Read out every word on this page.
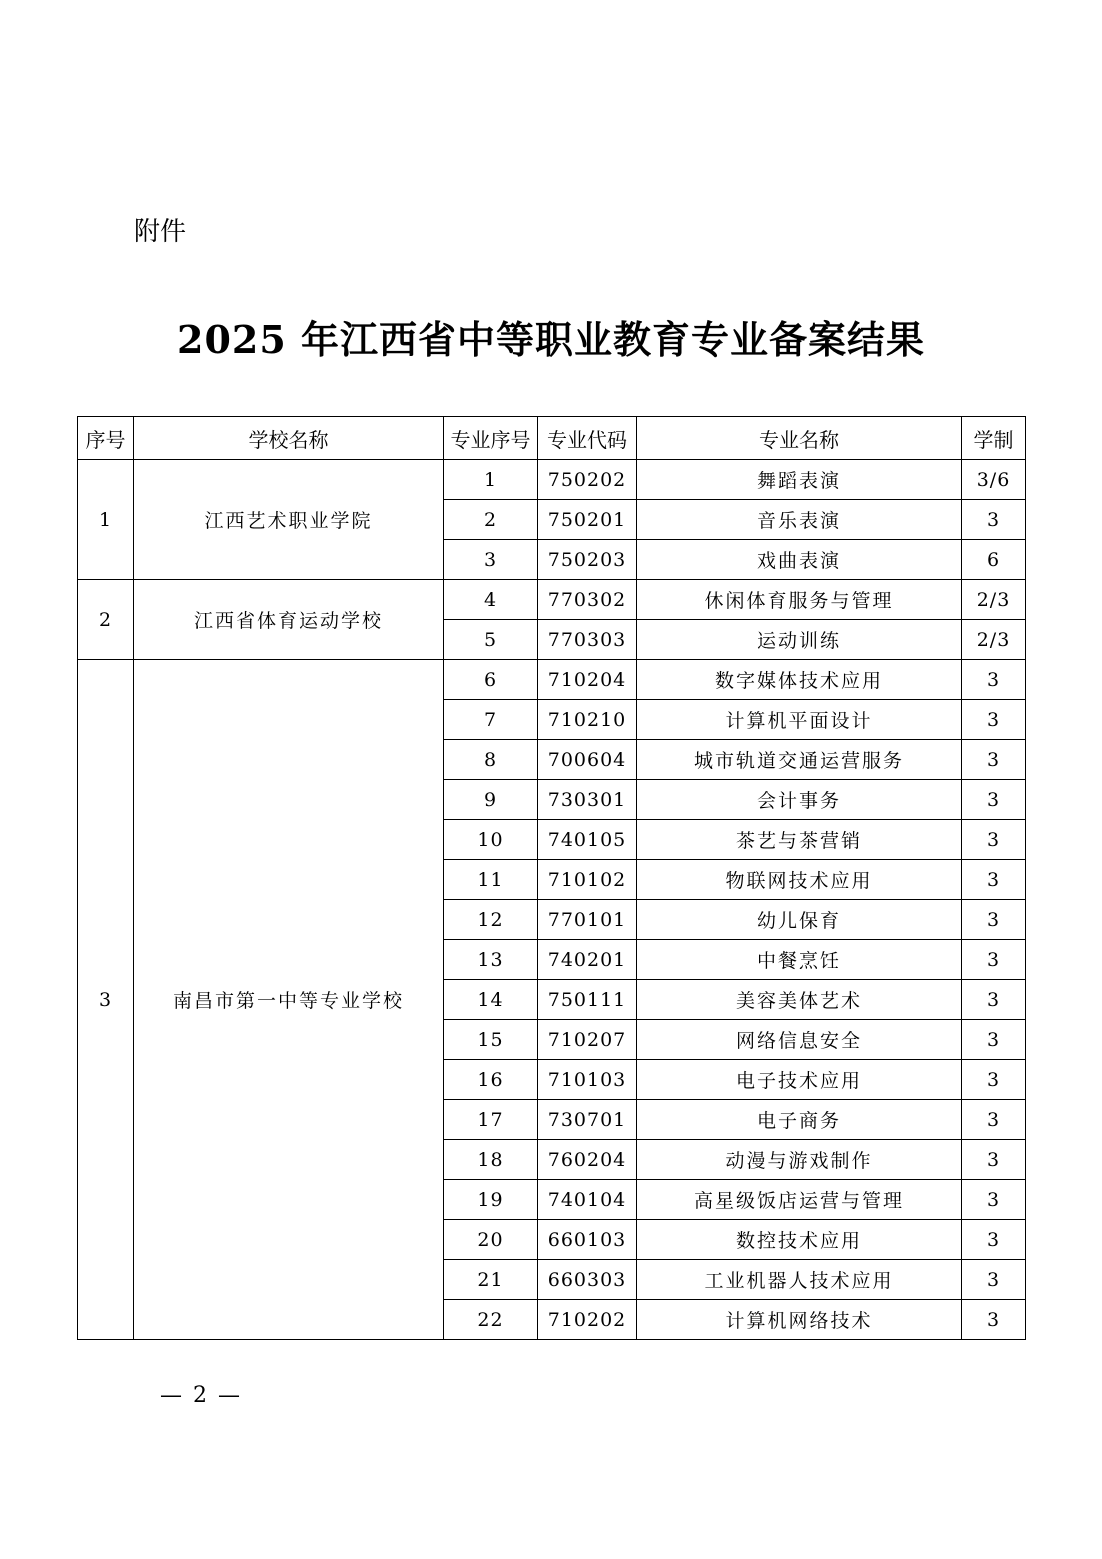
附件
2025 年江西省中等职业教育专业备案结果
序号	学校名称	专业序号	专业代码	专业名称	学制
1	江西艺术职业学院	1	750202	舞蹈表演	3/6
		2	750201	音乐表演	3
		3	750203	戏曲表演	6
2	江西省体育运动学校	4	770302	休闲体育服务与管理	2/3
		5	770303	运动训练	2/3
3	南昌市第一中等专业学校	6	710204	数字媒体技术应用	3
		7	710210	计算机平面设计	3
		8	700604	城市轨道交通运营服务	3
		9	730301	会计事务	3
		10	740105	茶艺与茶营销	3
		11	710102	物联网技术应用	3
		12	770101	幼儿保育	3
		13	740201	中餐烹饪	3
		14	750111	美容美体艺术	3
		15	710207	网络信息安全	3
		16	710103	电子技术应用	3
		17	730701	电子商务	3
		18	760204	动漫与游戏制作	3
		19	740104	高星级饭店运营与管理	3
		20	660103	数控技术应用	3
		21	660303	工业机器人技术应用	3
		22	710202	计算机网络技术	3
— 2 —
